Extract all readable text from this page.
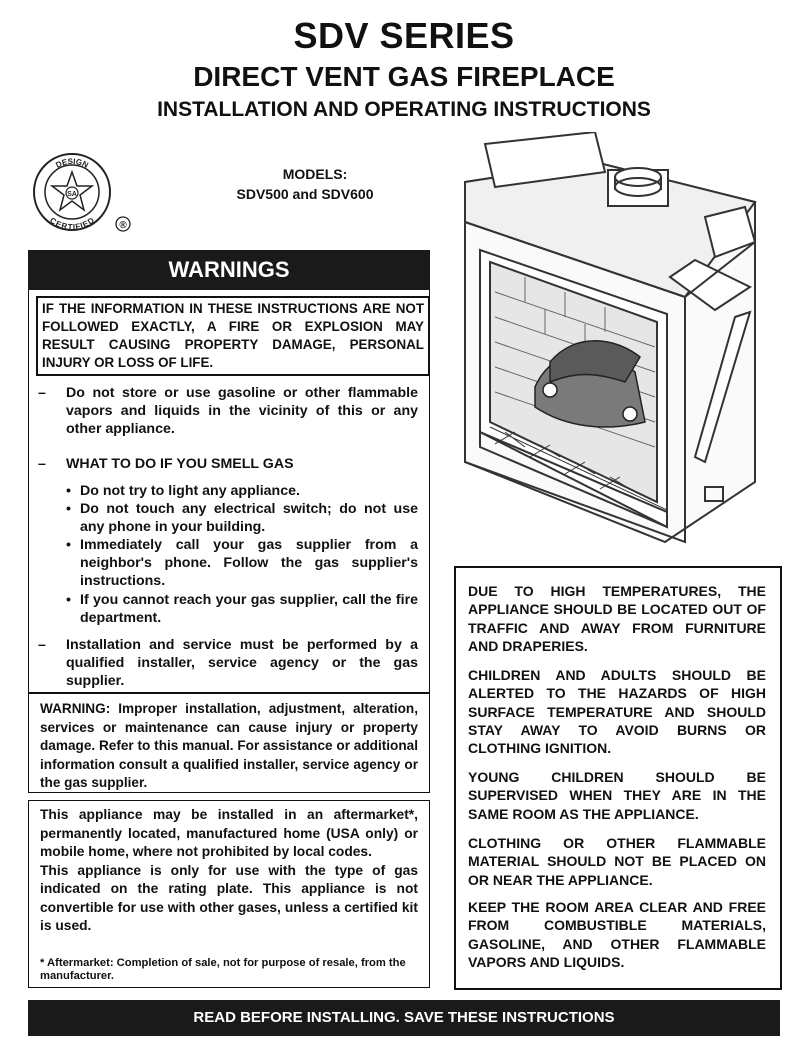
SDV SERIES
DIRECT VENT GAS FIREPLACE
INSTALLATION AND OPERATING INSTRUCTIONS
DESIGN
CERTIFIED
SA
®
MODELS:
SDV500 and SDV600
WARNINGS
IF THE INFORMATION IN THESE INSTRUCTIONS ARE NOT FOLLOWED EXACTLY, A FIRE OR EXPLOSION MAY RESULT CAUSING PROPERTY DAMAGE, PERSONAL INJURY OR LOSS OF LIFE.
– Do not store or use gasoline or other flammable vapors and liquids in the vicinity of this or any other appliance.
– WHAT TO DO IF YOU SMELL GAS
• Do not try to light any appliance.
• Do not touch any electrical switch; do not use any phone in your building.
• Immediately call your gas supplier from a neighbor's phone. Follow the gas supplier's instructions.
• If you cannot reach your gas supplier, call the fire department.
– Installation and service must be performed by a qualified installer, service agency or the gas supplier.
WARNING: Improper installation, adjustment, alteration, services or maintenance can cause injury or property damage. Refer to this manual. For assistance or additional information consult a qualified installer, service agency or the gas supplier.
This appliance may be installed in an aftermarket*, permanently located, manufactured home (USA only) or mobile home, where not prohibited by local codes.
This appliance is only for use with the type of gas indicated on the rating plate. This appliance is not convertible for use with other gases, unless a certified kit is used.
* Aftermarket: Completion of sale, not for purpose of resale, from the manufacturer.
DUE TO HIGH TEMPERATURES, THE APPLIANCE SHOULD BE LOCATED OUT OF TRAFFIC AND AWAY FROM FURNITURE AND DRAPERIES.
CHILDREN AND ADULTS SHOULD BE ALERTED TO THE HAZARDS OF HIGH SURFACE TEMPERATURE AND SHOULD STAY AWAY TO AVOID BURNS OR CLOTHING IGNITION.
YOUNG CHILDREN SHOULD BE SUPERVISED WHEN THEY ARE IN THE SAME ROOM AS THE APPLIANCE.
CLOTHING OR OTHER FLAMMABLE MATERIAL SHOULD NOT BE PLACED ON OR NEAR THE APPLIANCE.
KEEP THE ROOM AREA CLEAR AND FREE FROM COMBUSTIBLE MATERIALS, GASOLINE, AND OTHER FLAMMABLE VAPORS AND LIQUIDS.
READ BEFORE INSTALLING. SAVE THESE INSTRUCTIONS
